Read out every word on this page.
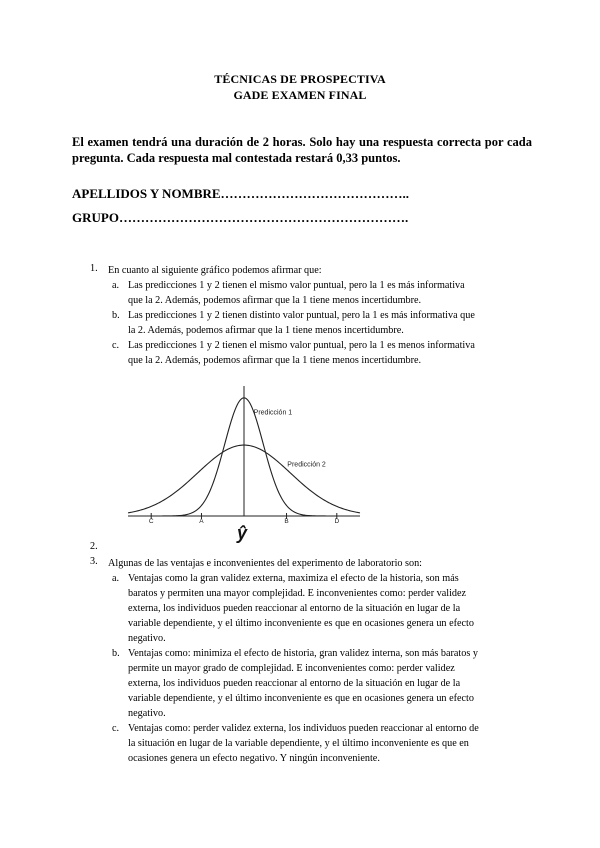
TÉCNICAS DE PROSPECTIVA
GADE EXAMEN FINAL
El examen tendrá una duración de 2 horas. Solo hay una respuesta correcta por cada pregunta. Cada respuesta mal contestada restará 0,33 puntos.
APELLIDOS Y NOMBRE……………………………………..
GRUPO………………………………………………………….
1. En cuanto al siguiente gráfico podemos afirmar que:
a. Las predicciones 1 y 2 tienen el mismo valor puntual, pero la 1 es más informativa
que la 2. Además, podemos afirmar que la 1 tiene menos incertidumbre.
b. Las predicciones 1 y 2 tienen distinto valor puntual, pero la 1 es más informativa que
la 2. Además, podemos afirmar que la 1 tiene menos incertidumbre.
c. Las predicciones 1 y 2 tienen el mismo valor puntual, pero la 1 es menos informativa
que la 2. Además, podemos afirmar que la 1 tiene menos incertidumbre.
Predicción 1
Predicción 2
C	A	B	D
ŷ
2.
3. Algunas de las ventajas e inconvenientes del experimento de laboratorio son:
a. Ventajas como la gran validez externa, maximiza el efecto de la historia, son más
baratos y permiten una mayor complejidad. E inconvenientes como: perder validez
externa, los individuos pueden reaccionar al entorno de la situación en lugar de la
variable dependiente, y el último inconveniente es que en ocasiones genera un efecto
negativo.
b. Ventajas como: minimiza el efecto de historia, gran validez interna, son más baratos y
permite un mayor grado de complejidad. E inconvenientes como: perder validez
externa, los individuos pueden reaccionar al entorno de la situación en lugar de la
variable dependiente, y el último inconveniente es que en ocasiones genera un efecto
negativo.
c. Ventajas como: perder validez externa, los individuos pueden reaccionar al entorno de
la situación en lugar de la variable dependiente, y el último inconveniente es que en
ocasiones genera un efecto negativo. Y ningún inconveniente.
